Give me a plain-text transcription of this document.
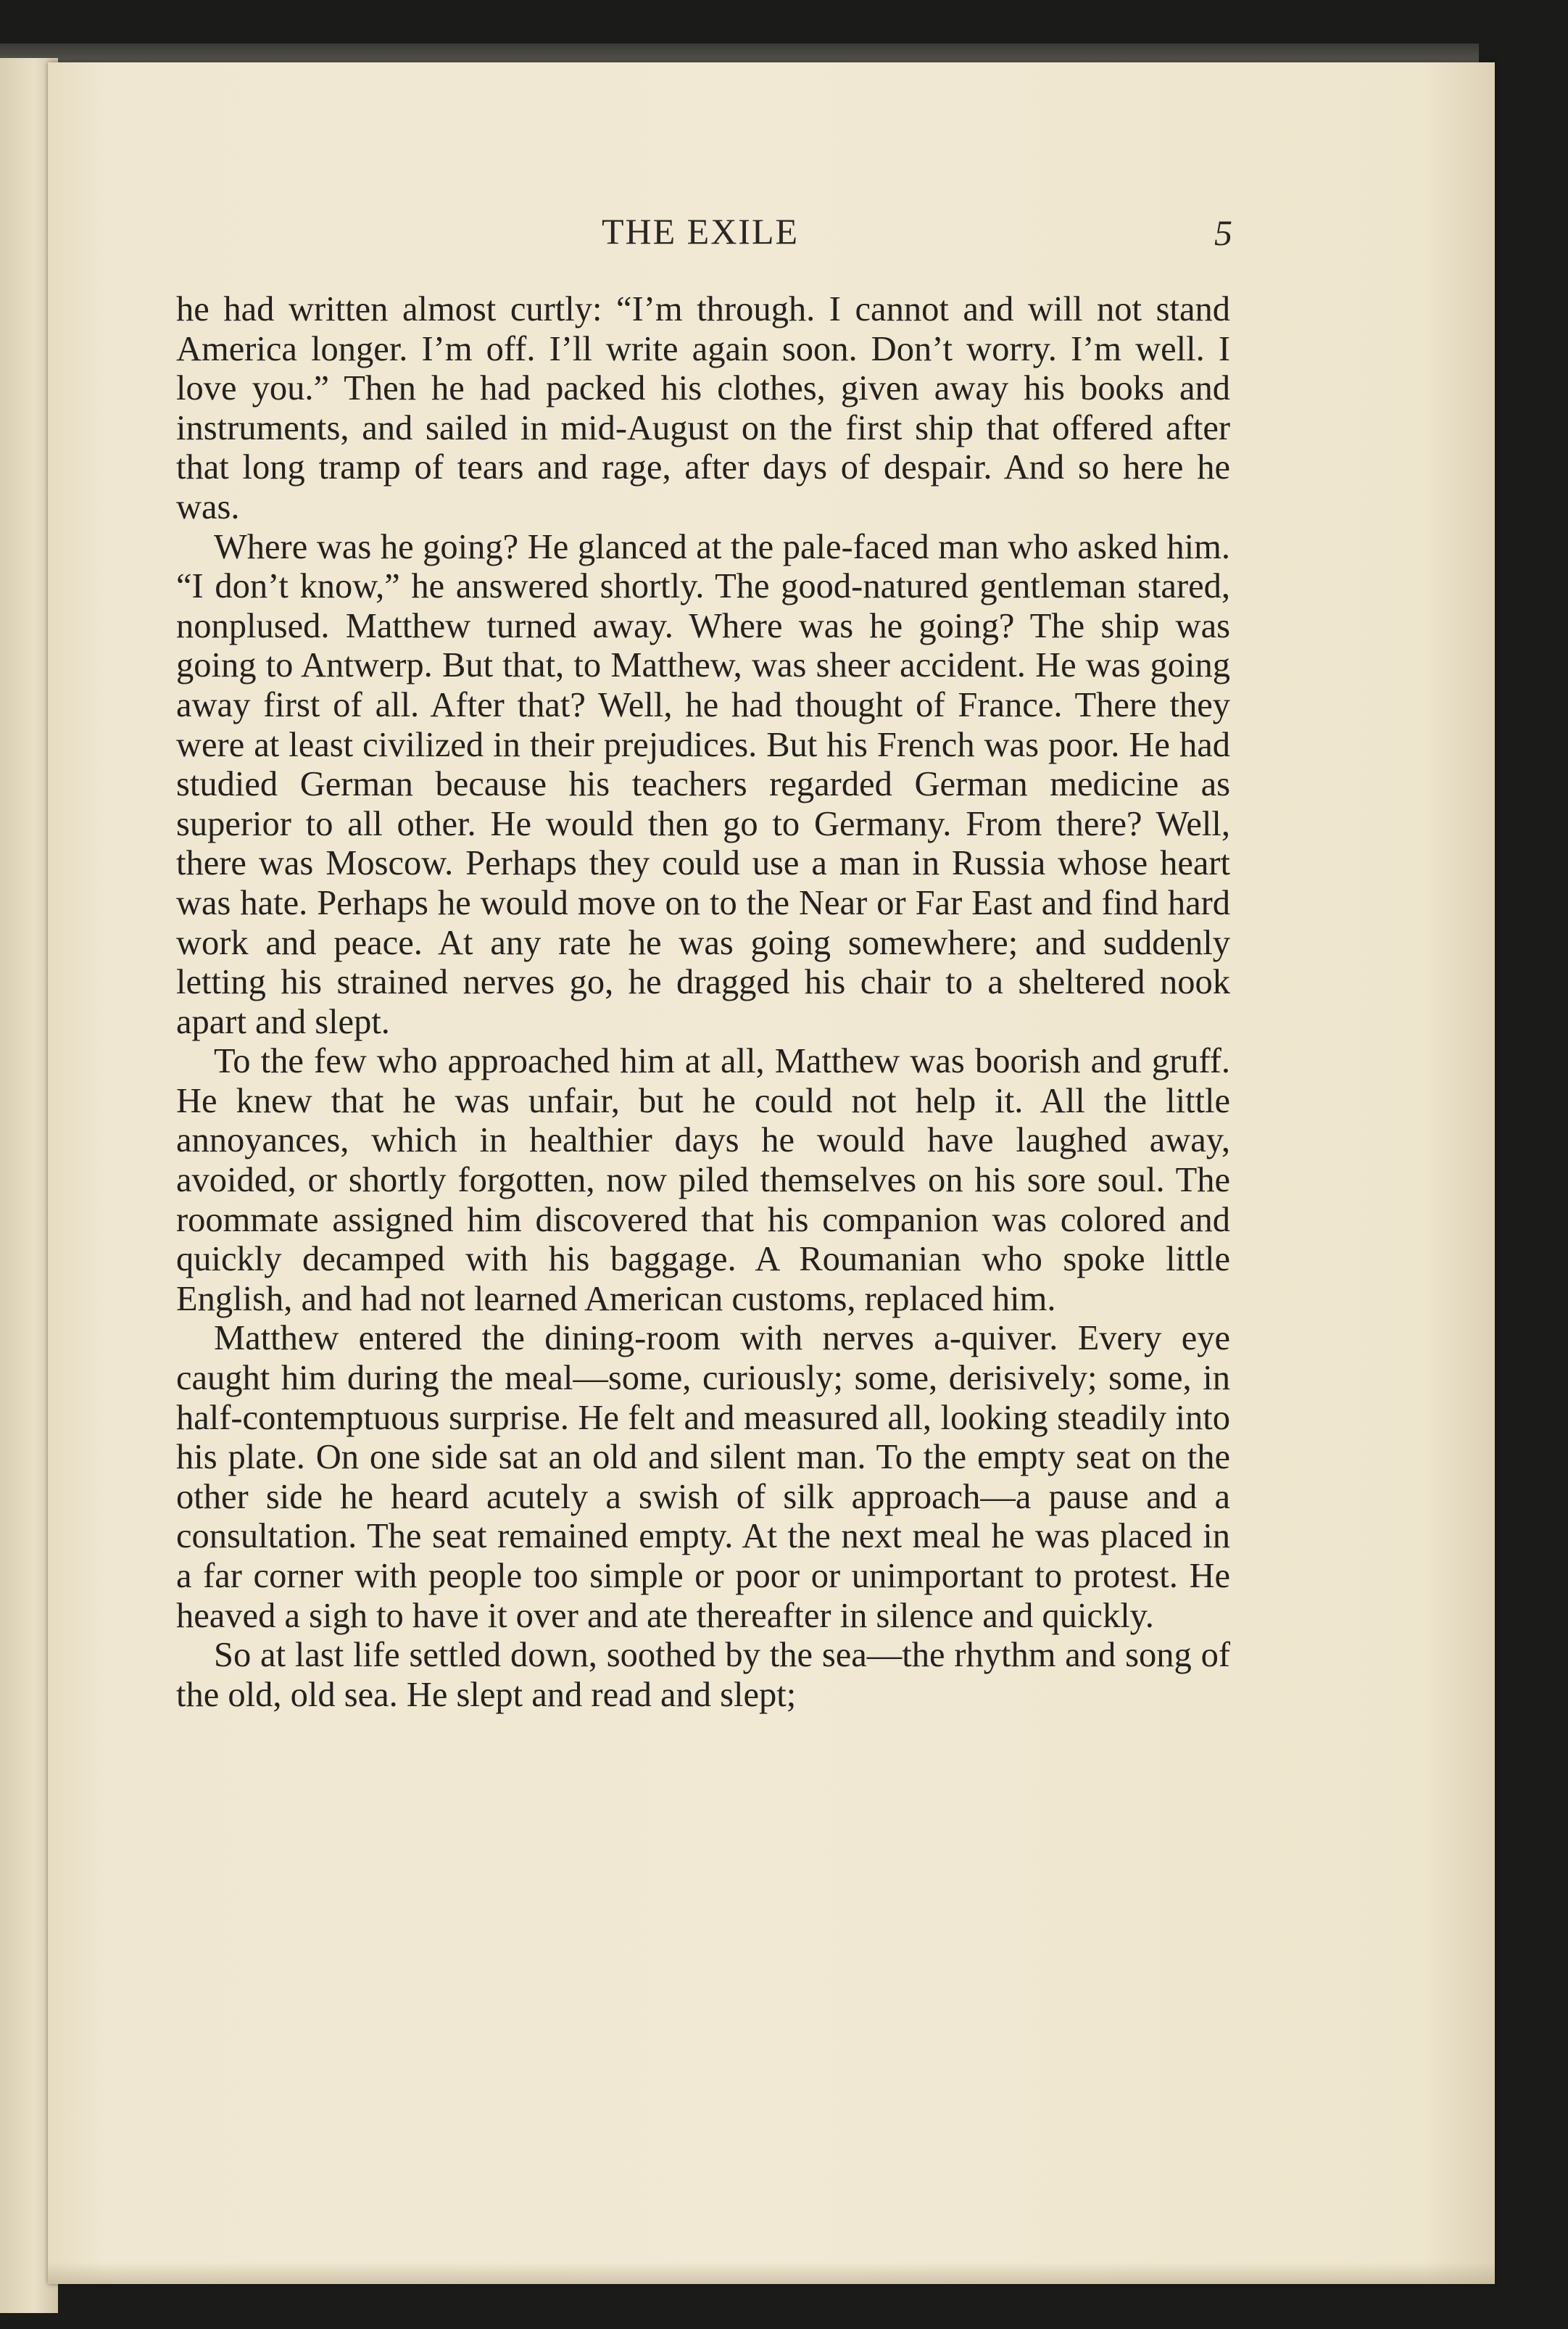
THE EXILE	5

he had written almost curtly: “I’m through. I cannot and will not stand America longer. I’m off. I’ll write again soon. Don’t worry. I’m well. I love you.” Then he had packed his clothes, given away his books and instruments, and sailed in mid-August on the first ship that offered after that long tramp of tears and rage, after days of despair. And so here he was.

Where was he going? He glanced at the pale-faced man who asked him. “I don’t know,” he answered shortly. The good-natured gentleman stared, nonplused. Matthew turned away. Where was he going? The ship was going to Antwerp. But that, to Matthew, was sheer accident. He was going away first of all. After that? Well, he had thought of France. There they were at least civilized in their prejudices. But his French was poor. He had studied German because his teachers regarded German medicine as superior to all other. He would then go to Germany. From there? Well, there was Moscow. Perhaps they could use a man in Russia whose heart was hate. Perhaps he would move on to the Near or Far East and find hard work and peace. At any rate he was going somewhere; and suddenly letting his strained nerves go, he dragged his chair to a sheltered nook apart and slept.

To the few who approached him at all, Matthew was boorish and gruff. He knew that he was unfair, but he could not help it. All the little annoyances, which in healthier days he would have laughed away, avoided, or shortly forgotten, now piled themselves on his sore soul. The roommate assigned him discovered that his companion was colored and quickly decamped with his baggage. A Roumanian who spoke little English, and had not learned American customs, replaced him.

Matthew entered the dining-room with nerves a-quiver. Every eye caught him during the meal—some, curiously; some, derisively; some, in half-contemptuous surprise. He felt and measured all, looking steadily into his plate. On one side sat an old and silent man. To the empty seat on the other side he heard acutely a swish of silk approach—a pause and a consultation. The seat remained empty. At the next meal he was placed in a far corner with people too simple or poor or unimportant to protest. He heaved a sigh to have it over and ate thereafter in silence and quickly.

So at last life settled down, soothed by the sea—the rhythm and song of the old, old sea. He slept and read and slept;
